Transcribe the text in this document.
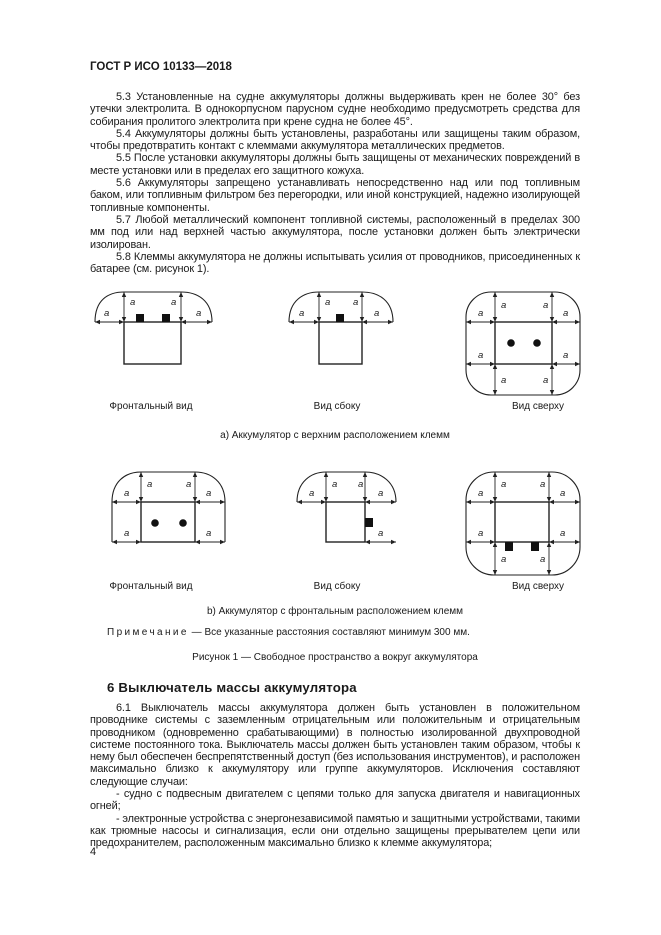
ГОСТ Р ИСО 10133—2018

5.3 Установленные на судне аккумуляторы должны выдерживать крен не более 30° без утечки электролита. В однокорпусном парусном судне необходимо предусмотреть средства для собирания пролитого электролита при крене судна не более 45°.

5.4 Аккумуляторы должны быть установлены, разработаны или защищены таким образом, чтобы предотвратить контакт с клеммами аккумулятора металлических предметов.

5.5 После установки аккумуляторы должны быть защищены от механических повреждений в месте установки или в пределах его защитного кожуха.

5.6 Аккумуляторы запрещено устанавливать непосредственно над или под топливным баком, или топливным фильтром без перегородки, или иной конструкцией, надежно изолирующей топливные компоненты.

5.7 Любой металлический компонент топливной системы, расположенный в пределах 300 мм под или над верхней частью аккумулятора, после установки должен быть электрически изолирован.

5.8 Клеммы аккумулятора не должны испытывать усилия от проводников, присоединенных к батарее (см. рисунок 1).

a	a
a	a
a a
a	a
a	a
a	a
a	a
a	a
a	a
a	a
a	a
a a
a	a
a
a	a
a	a
a	a
a	a
Фронтальный вид	Вид сбоку	Вид сверху
а) Аккумулятор с верхним расположением клемм
Фронтальный вид	Вид сбоку	Вид сверху
b) Аккумулятор с фронтальным расположением клемм
Примечание — Все указанные расстояния составляют минимум 300 мм.
Рисунок 1 — Свободное пространство a вокруг аккумулятора
6 Выключатель массы аккумулятора

6.1 Выключатель массы аккумулятора должен быть установлен в положительном проводнике системы с заземленным отрицательным или положительным и отрицательным проводником (одновременно срабатывающими) в полностью изолированной двухпроводной системе постоянного тока. Выключатель массы должен быть установлен таким образом, чтобы к нему был обеспечен беспрепятственный доступ (без использования инструментов), и расположен максимально близко к аккумулятору или группе аккумуляторов. Исключения составляют следующие случаи:

- судно с подвесным двигателем с цепями только для запуска двигателя и навигационных огней;

- электронные устройства с энергонезависимой памятью и защитными устройствами, такими как трюмные насосы и сигнализация, если они отдельно защищены прерывателем цепи или предохранителем, расположенным максимально близко к клемме аккумулятора;

4
